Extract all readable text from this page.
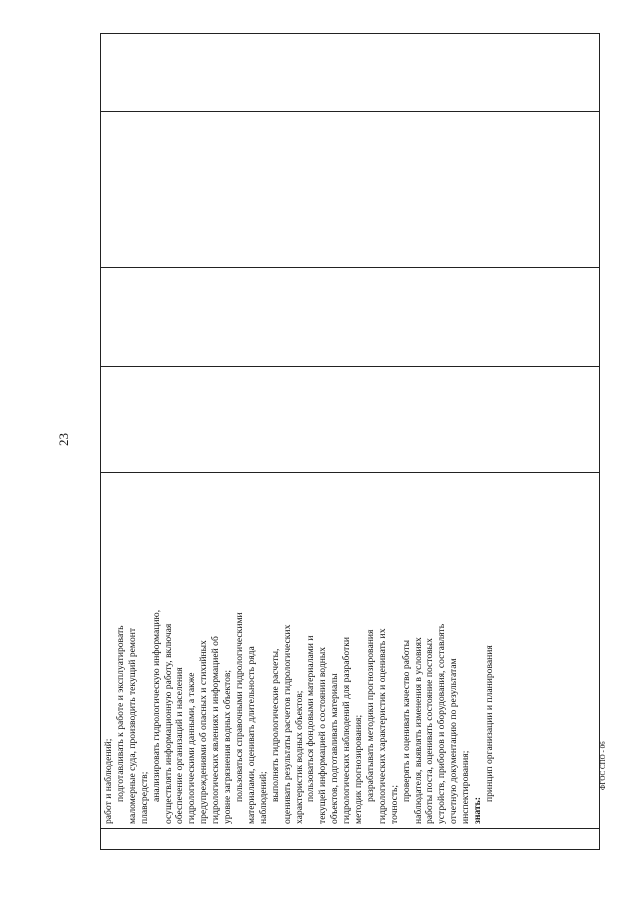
23

работ и наблюдений; подготавливать к работе и эксплуатировать маломерные суда, производить текущий ремонт плавсредств; анализировать гидрологическую информацию, осуществлять информационную работу, включая обеспечение организаций и населения гидрологическими данными, а также предупреждениями об опасных и стихийных гидрологических явлениях и информацией об уровне загрязнения водных объектов; пользоваться справочными гидрологическими материалами, оценивать длительность ряда наблюдений; выполнять гидрологические расчеты, оценивать результаты расчетов гидрологических характеристик водных объектов; пользоваться фондовыми материалами и текущей информацией о состоянии водных объектов, подготавливать материалы гидрологических наблюдений для разработки методик прогнозирования; разрабатывать методики прогнозирования гидрологических характеристик и оценивать их точность;
проверять и оценивать качество работы наблюдателя, выявлять изменения в условиях работы поста, оценивать состояние постовых устройств, приборов и оборудования, составлять отчетную документацию по результатам инспектирования; знать:
принцип организации и планирования
					ФГОС СПО - 06
